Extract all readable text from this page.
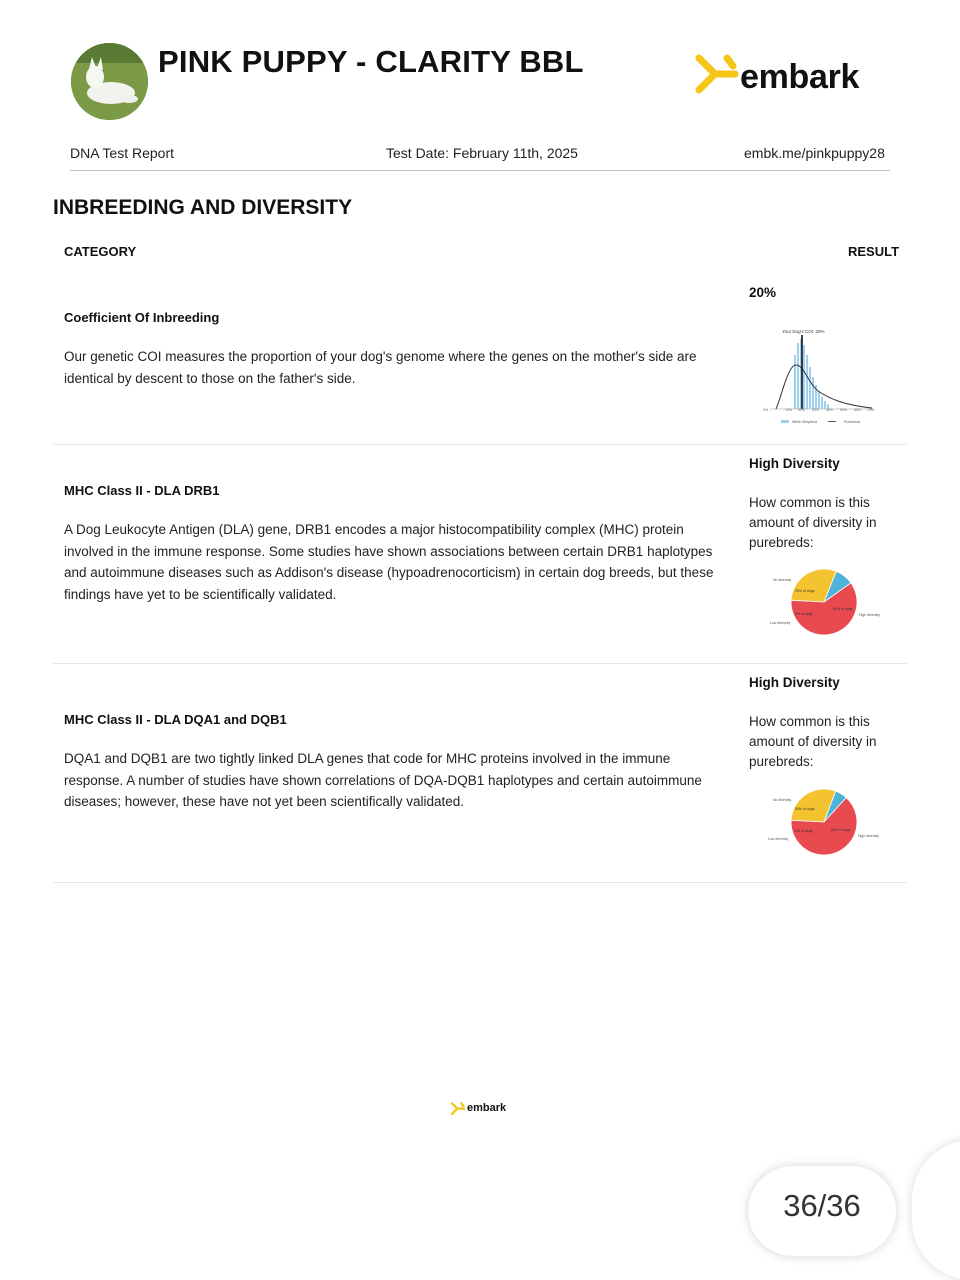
PINK PUPPY - CLARITY BBL	embark
DNA Test Report	Test Date: February 11th, 2025	embk.me/pinkpuppy28
INBREEDING AND DIVERSITY
CATEGORY	RESULT
20%
Coefficient Of Inbreeding
Our genetic COI measures the proportion of your dog's genome where the genes on the mother's side are identical by descent to those on the father's side.
Your Dog's COI: 20%
0%	10% 20% 30% 40% 50% 60% 70%
White Shepherd	Purebreds
High Diversity
How common is this amount of diversity in purebreds:
MHC Class II - DLA DRB1
A Dog Leukocyte Antigen (DLA) gene, DRB1 encodes a major histocompatibility complex (MHC) protein involved in the immune response. Some studies have shown associations between certain DRB1 haplotypes and autoimmune diseases such as Addison's disease (hypoadrenocorticism) in certain dog breeds, but these findings have yet to be scientifically validated.	30% of dogs
9% of dogs
60% of dogs
No diversity
Low diversity
High diversity
High Diversity
How common is this amount of diversity in purebreds:
MHC Class II - DLA DQA1 and DQB1
DQA1 and DQB1 are two tightly linked DLA genes that code for MHC proteins involved in the immune response. A number of studies have shown correlations of DQA-DQB1 haplotypes and certain autoimmune diseases; however, these have not yet been scientifically validated.	30% of dogs
6% of dogs	64% of dogs
No diversity
Low diversity
High diversity
embark
36/36
